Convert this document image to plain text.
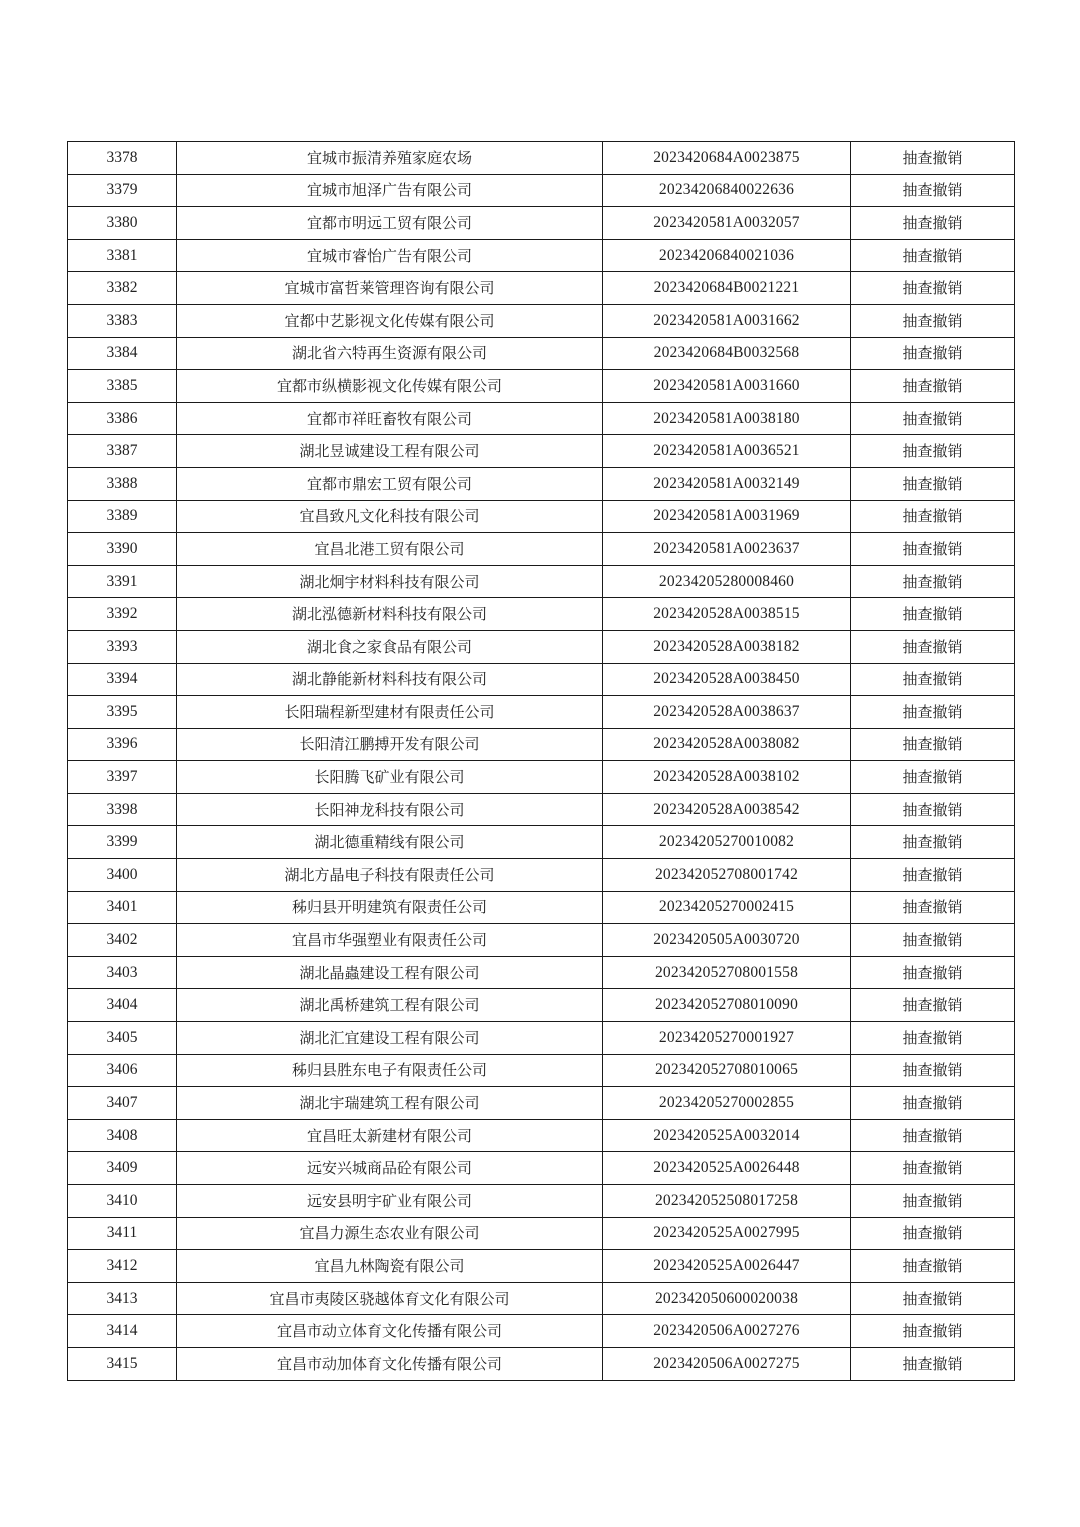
3378	宜城市振清养殖家庭农场	2023420684A0023875	抽查撤销
3379	宜城市旭泽广告有限公司	20234206840022636	抽查撤销
3380	宜都市明远工贸有限公司	2023420581A0032057	抽查撤销
3381	宜城市睿怡广告有限公司	20234206840021036	抽查撤销
3382	宜城市富哲莱管理咨询有限公司	2023420684B0021221	抽查撤销
3383	宜都中艺影视文化传媒有限公司	2023420581A0031662	抽查撤销
3384	湖北省六特再生资源有限公司	2023420684B0032568	抽查撤销
3385	宜都市纵横影视文化传媒有限公司	2023420581A0031660	抽查撤销
3386	宜都市祥旺畜牧有限公司	2023420581A0038180	抽查撤销
3387	湖北昱诚建设工程有限公司	2023420581A0036521	抽查撤销
3388	宜都市鼎宏工贸有限公司	2023420581A0032149	抽查撤销
3389	宜昌致凡文化科技有限公司	2023420581A0031969	抽查撤销
3390	宜昌北港工贸有限公司	2023420581A0023637	抽查撤销
3391	湖北炯宇材料科技有限公司	20234205280008460	抽查撤销
3392	湖北泓德新材料科技有限公司	2023420528A0038515	抽查撤销
3393	湖北食之家食品有限公司	2023420528A0038182	抽查撤销
3394	湖北静能新材料科技有限公司	2023420528A0038450	抽查撤销
3395	长阳瑞程新型建材有限责任公司	2023420528A0038637	抽查撤销
3396	长阳清江鹏搏开发有限公司	2023420528A0038082	抽查撤销
3397	长阳腾飞矿业有限公司	2023420528A0038102	抽查撤销
3398	长阳神龙科技有限公司	2023420528A0038542	抽查撤销
3399	湖北德重精线有限公司	20234205270010082	抽查撤销
3400	湖北方晶电子科技有限责任公司	202342052708001742	抽查撤销
3401	秭归县开明建筑有限责任公司	20234205270002415	抽查撤销
3402	宜昌市华强塑业有限责任公司	2023420505A0030720	抽查撤销
3403	湖北晶蟲建设工程有限公司	202342052708001558	抽查撤销
3404	湖北禹桥建筑工程有限公司	202342052708010090	抽查撤销
3405	湖北汇宜建设工程有限公司	20234205270001927	抽查撤销
3406	秭归县胜东电子有限责任公司	202342052708010065	抽查撤销
3407	湖北宇瑞建筑工程有限公司	20234205270002855	抽查撤销
3408	宜昌旺太新建材有限公司	2023420525A0032014	抽查撤销
3409	远安兴城商品砼有限公司	2023420525A0026448	抽查撤销
3410	远安县明宇矿业有限公司	202342052508017258	抽查撤销
3411	宜昌力源生态农业有限公司	2023420525A0027995	抽查撤销
3412	宜昌九林陶瓷有限公司	2023420525A0026447	抽查撤销
3413	宜昌市夷陵区骁越体育文化有限公司	202342050600020038	抽查撤销
3414	宜昌市动立体育文化传播有限公司	2023420506A0027276	抽查撤销
3415	宜昌市动加体育文化传播有限公司	2023420506A0027275	抽查撤销
